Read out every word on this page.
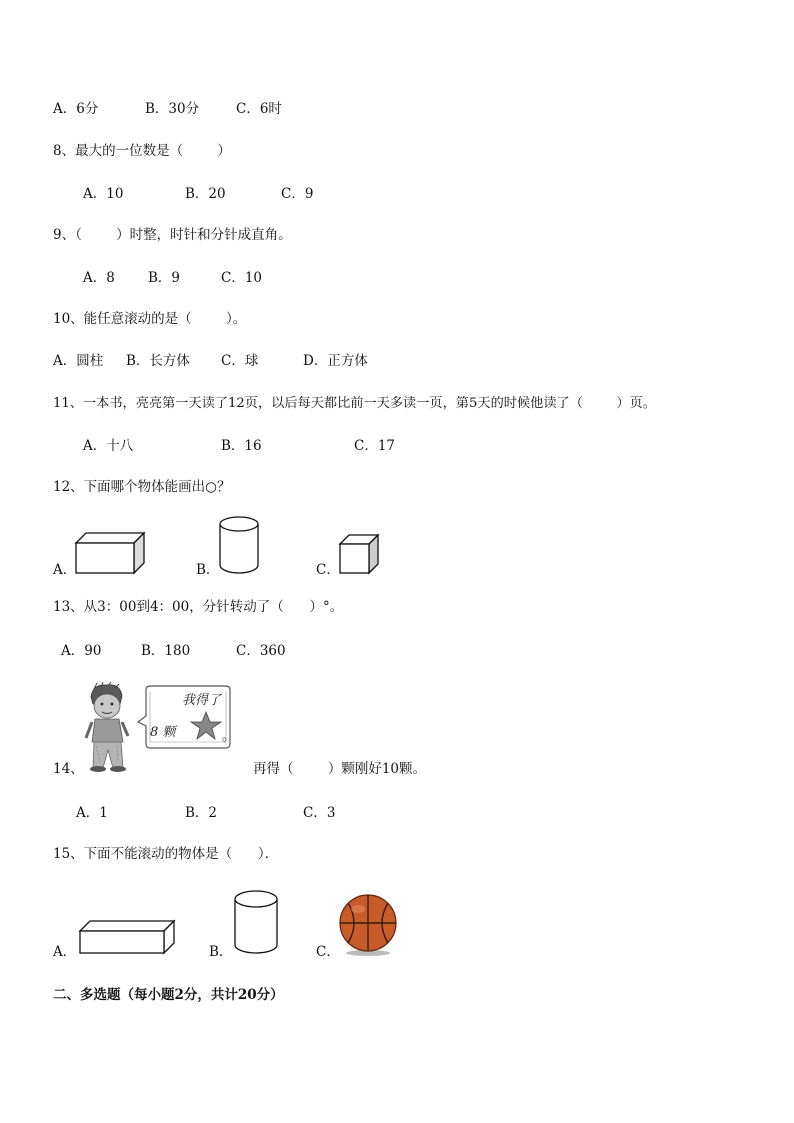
A．6分	B．30分	C．6时
8、最大的一位数是（        ）
A．10	B．20	C．9
9、（        ）时整，时针和分针成直角。
A．8 B．9	C．10
10、能任意滚动的是（        ）。
A．圆柱 B．长方体 C．球	D．正方体
11、一本书，亮亮第一天读了12页，以后每天都比前一天多读一页，第5天的时候他读了（        ）页。
A．十八	B．16	C．17
12、下面哪个物体能画出○？
A．	B．	C．
13、从3：00到4：00，分针转动了（      ）°。
A．90	B．180	C．360
我得了
8 颗	。
14、	再得（        ）颗刚好10颗。
A．1	B．2	C．3
15、下面不能滚动的物体是（      ）．
A．	B．	C．
二、多选题（每小题2分，共计20分）
